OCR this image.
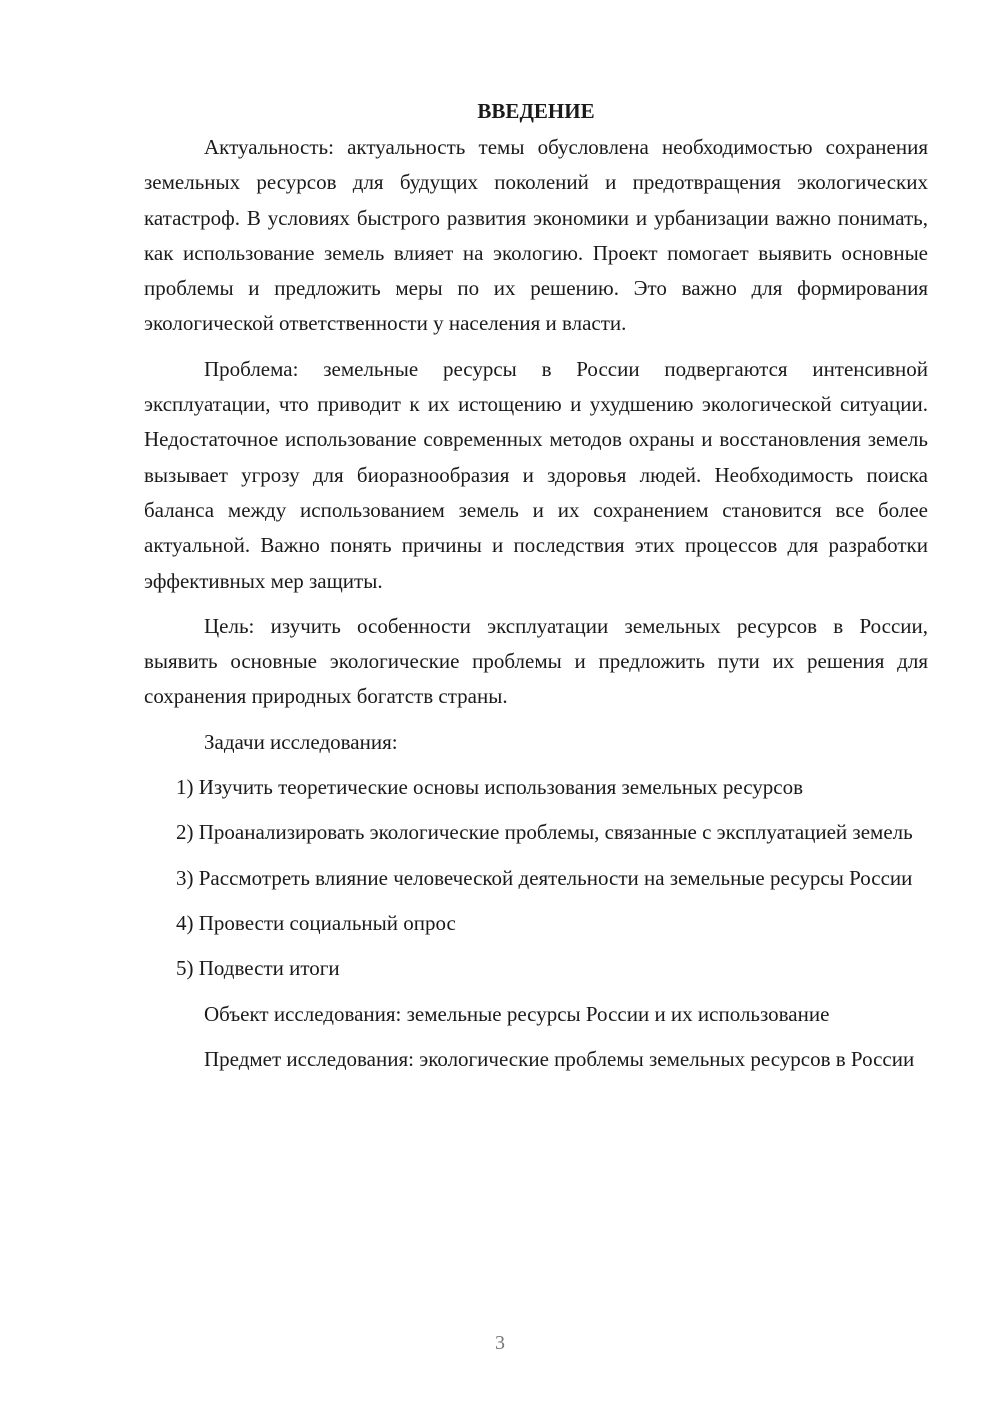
ВВЕДЕНИЕ

Актуальность: актуальность темы обусловлена необходимостью сохранения земельных ресурсов для будущих поколений и предотвращения экологических катастроф. В условиях быстрого развития экономики и урбанизации важно понимать, как использование земель влияет на экологию. Проект помогает выявить основные проблемы и предложить меры по их решению. Это важно для формирования экологической ответственности у населения и власти.

Проблема: земельные ресурсы в России подвергаются интенсивной эксплуатации, что приводит к их истощению и ухудшению экологической ситуации. Недостаточное использование современных методов охраны и восстановления земель вызывает угрозу для биоразнообразия и здоровья людей. Необходимость поиска баланса между использованием земель и их сохранением становится все более актуальной. Важно понять причины и последствия этих процессов для разработки эффективных мер защиты.

Цель: изучить особенности эксплуатации земельных ресурсов в России, выявить основные экологические проблемы и предложить пути их решения для сохранения природных богатств страны.

Задачи исследования:

1) Изучить теоретические основы использования земельных ресурсов

2) Проанализировать экологические проблемы, связанные с эксплуатацией земель

3) Рассмотреть влияние человеческой деятельности на земельные ресурсы России

4) Провести социальный опрос

5) Подвести итоги

Объект исследования: земельные ресурсы России и их использование

Предмет исследования: экологические проблемы земельных ресурсов в России

3
